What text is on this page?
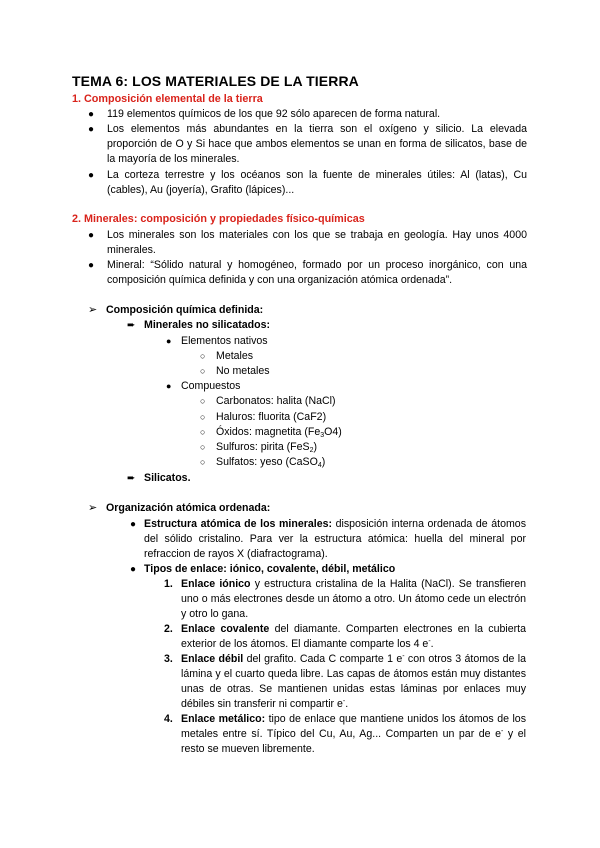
TEMA 6: LOS MATERIALES DE LA TIERRA
1. Composición elemental de la tierra
● 119 elementos químicos de los que 92 sólo aparecen de forma natural.
● Los elementos más abundantes en la tierra son el oxígeno y silicio. La elevada proporción de O y Si hace que ambos elementos se unan en forma de silicatos, base de la mayoría de los minerales.
● La corteza terrestre y los océanos son la fuente de minerales útiles: Al (latas), Cu (cables), Au (joyería), Grafito (lápices)...
2. Minerales: composición y propiedades físico-químicas
● Los minerales son los materiales con los que se trabaja en geología. Hay unos 4000 minerales.
● Mineral: “Sólido natural y homogéneo, formado por un proceso inorgánico, con una composición química definida y con una organización atómica ordenada”.
➢ Composición química definida:
➨ Minerales no silicatados:
● Elementos nativos
○ Metales
○ No metales
● Compuestos
○ Carbonatos: halita (NaCl)
○ Haluros: fluorita (CaF2)
○ Óxidos: magnetita $(Fe_3O4)$
○ Sulfuros: pirita (FeS$_2$)
○ Sulfatos: yeso (CaSO$_4$)
➨ Silicatos.
➢ Organización atómica ordenada:
● Estructura atómica de los minerales: disposición interna ordenada de átomos del sólido cristalino. Para ver la estructura atómica: huella del mineral por refraccion de rayos X (diafractograma).
● Tipos de enlace: iónico, covalente, débil, metálico
1. Enlace iónico y estructura cristalina de la Halita (NaCl). Se transfieren uno o más electrones desde un átomo a otro. Un átomo cede un electrón y otro lo gana.
2. Enlace covalente del diamante. Comparten electrones en la cubierta exterior de los átomos. El diamante comparte los 4 e-.
3. Enlace débil del grafito. Cada C comparte 1 e- con otros 3 átomos de la lámina y el cuarto queda libre. Las capas de átomos están muy distantes unas de otras. Se mantienen unidas estas láminas por enlaces muy débiles sin transferir ni compartir e-.
4. Enlace metálico: tipo de enlace que mantiene unidos los átomos de los metales entre sí. Típico del Cu, Au, Ag... Comparten un par de e- y el resto se mueven libremente.
